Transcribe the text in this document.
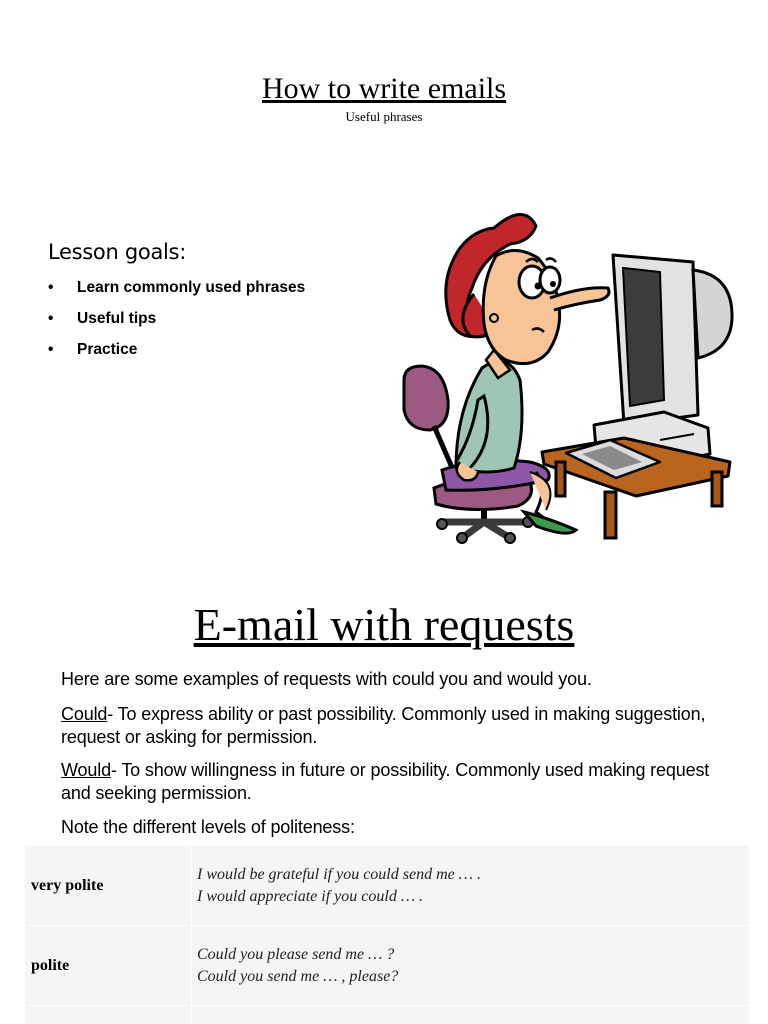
How to write emails
Useful phrases
Lesson goals:
• Learn commonly used phrases
• Useful tips
• Practice
E-mail with requests
Here are some examples of requests with could you and would you.
Could- To express ability or past possibility. Commonly used in making suggestion, request or asking for permission.
Would- To show willingness in future or possibility. Commonly used making request and seeking permission.
Note the different levels of politeness:
very polite	I would be grateful if you could send me … .
I would appreciate if you could … .

polite	Could you please send me … ?
Could you send me … , please?
